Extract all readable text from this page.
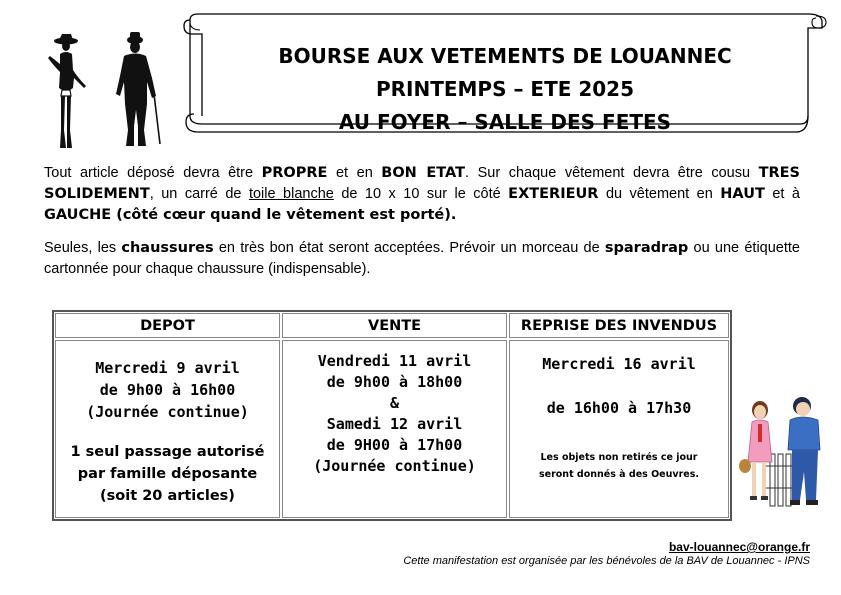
BOURSE AUX VETEMENTS DE LOUANNEC
PRINTEMPS – ETE 2025
AU FOYER – SALLE DES FETES
Tout article déposé devra être PROPRE et en BON ETAT. Sur chaque vêtement devra être cousu TRES SOLIDEMENT, un carré de toile blanche de 10 x 10 sur le côté EXTERIEUR du vêtement en HAUT et à GAUCHE (côté cœur quand le vêtement est porté).
Seules, les chaussures en très bon état seront acceptées. Prévoir un morceau de sparadrap ou une étiquette cartonnée pour chaque chaussure (indispensable).
DEPOT	VENTE	REPRISE DES INVENDUS
Mercredi 9 avril
de 9h00 à 16h00
(Journée continue)
1 seul passage autorisé
par famille déposante
(soit 20 articles)
Vendredi 11 avril
de 9h00 à 18h00
&
Samedi 12 avril
de 9H00 à 17h00
(Journée continue)
Mercredi 16 avril
de 16h00 à 17h30
Les objets non retirés ce jour
seront donnés à des Oeuvres.
bav-louannec@orange.fr
Cette manifestation est organisée par les bénévoles de la BAV de Louannec - IPNS
